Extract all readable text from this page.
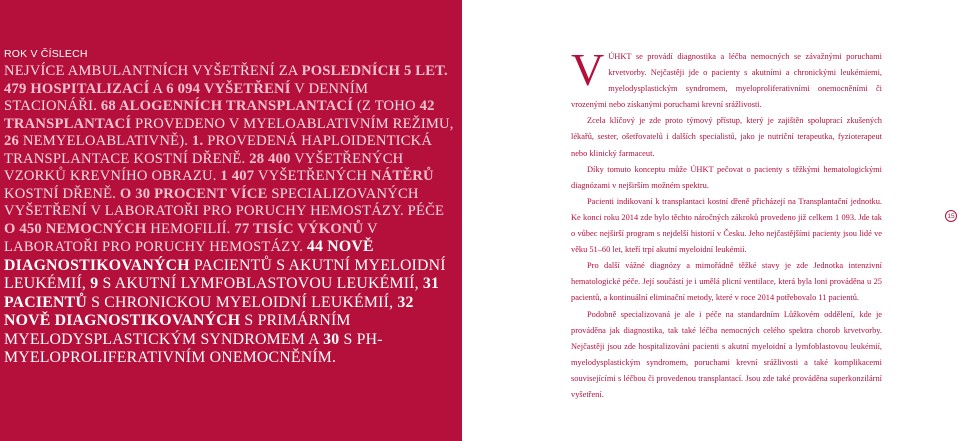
ROK V ČÍSLECH

NEJVÍCE AMBULANTNÍCH VYŠETŘENÍ ZA POSLEDNÍCH 5 LET. 479 HOSPITALIZACÍ A 6 094 VYŠETŘENÍ V DENNÍM STACIONÁŘI. 68 ALOGENNÍCH TRANSPLANTACÍ (Z TOHO 42 TRANSPLANTACÍ PROVEDENO V MYELOABLATIVNÍM REŽIMU, 26 NEMYELOABLATIVNĚ). 1. PROVEDENÁ HAPLOIDENTICKÁ TRANSPLANTACE KOSTNÍ DŘENĚ. 28 400 VYŠETŘENÝCH VZORKŮ KREVNÍHO OBRAZU. 1 407 VYŠETŘENÝCH NÁTĚRŮ KOSTNÍ DŘENĚ. O 30 PROCENT VÍCE SPECIALIZOVANÝCH VYŠETŘENÍ V LABORATOŘI PRO PORUCHY HEMOSTÁZY. PÉČE O 450 NEMOCNÝCH HEMOFILIÍ. 77 TISÍC VÝKONŮ V LABORATOŘI PRO PORUCHY HEMOSTÁZY. 44 NOVĚ DIAGNOSTIKOVANÝCH PACIENTŮ S AKUTNÍ MYELOIDNÍ LEUKÉMIÍ, 9 S AKUTNÍ LYMFOBLASTOVOU LEUKÉMIÍ, 31 PACIENTŮ S CHRONICKOU MYELOIDNÍ LEUKÉMIÍ, 32 NOVĚ DIAGNOSTIKOVANÝCH S PRIMÁRNÍM MYELODYSPLASTICKÝM SYNDROMEM A 30 S PH- MYELOPROLIFERATIVNÍM ONEMOCNĚNÍM.

V ÚHKT se provádí diagnostika a léčba nemocných se závažnými poruchami krvetvorby. Nejčastěji jde o pacienty s akutními a chronickými leukémiemi, myelodysplastickým syndromem, myeloproliferativními onemocněními či vrozenými nebo získanými poruchami krevní srážlivosti.

Zcela klíčový je zde proto týmový přístup, který je zajištěn spoluprací zkušených lékařů, sester, ošetřovatelů i dalších specialistů, jako je nutriční terapeutka, fyzioterapeut nebo klinický farmaceut.

Díky tomuto konceptu může ÚHKT pečovat o pacienty s těžkými hematologickými diagnózami v nejširším možném spektru.

Pacienti indikovaní k transplantaci kostní dřeně přicházejí na Transplantační jednotku. Ke konci roku 2014 zde bylo těchto náročných zákroků provedeno již celkem 1 093. Jde tak o vůbec nejširší program s nejdelší historií v Česku. Jeho nejčastějšími pacienty jsou lidé ve věku 51–60 let, kteří trpí akutní myeloidní leukémií.

Pro další vážné diagnózy a mimořádně těžké stavy je zde Jednotka intenzivní hematologické péče. Její součástí je i umělá plicní ventilace, která byla loni prováděna u 25 pacientů, a kontinuální eliminační metody, které v roce 2014 potřebovalo 11 pacientů.

Podobně specializovaná je ale i péče na standardním Lůžkovém oddělení, kde je prováděna jak diagnostika, tak také léčba nemocných celého spektra chorob krvetvorby. Nejčastěji jsou zde hospitalizováni pacienti s akutní myeloidní a lymfoblastovou leukémií, myelodysplastickým syndromem, poruchami krevní srážlivosti a také komplikacemi souvisejícími s léčbou či provedenou transplantací. Jsou zde také prováděna superkonzilární vyšetření.

15
